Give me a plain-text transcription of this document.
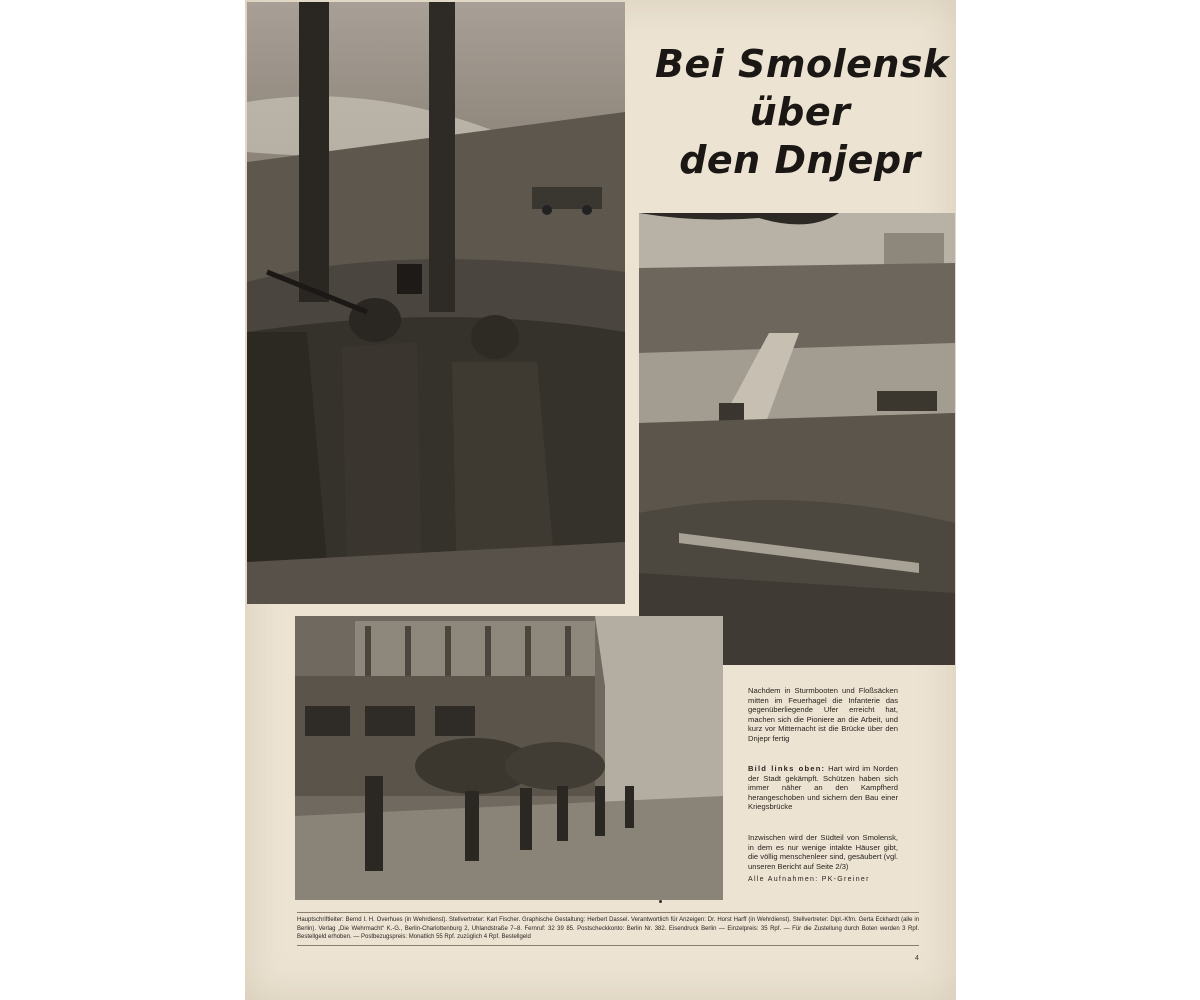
Bei Smolensk
über
den Dnjepr
Nachdem in Sturmbooten und Floßsäcken mitten im Feuerhagel die Infanterie das gegenüberliegende Ufer erreicht hat, machen sich die Pioniere an die Arbeit, und kurz vor Mitternacht ist die Brücke über den Dnjepr fertig
Bild links oben: Hart wird im Norden der Stadt gekämpft. Schützen haben sich immer näher an den Kampfherd herangeschoben und sichern den Bau einer Kriegsbrücke
Inzwischen wird der Südteil von Smolensk, in dem es nur wenige intakte Häuser gibt, die völlig menschenleer sind, gesäubert (vgl. unseren Bericht auf Seite 2/3)
Alle Aufnahmen: PK-Greiner
Hauptschriftleiter: Bernd I. H. Overhues (in Wehrdienst). Stellvertreter: Karl Fischer. Graphische Gestaltung: Herbert Dassel. Verantwortlich für Anzeigen: Dr. Horst Harff (in Wehrdienst). Stellvertreter: Dipl.-Kfm. Gerta Eckhardt (alle in Berlin). Verlag „Die Wehrmacht“ K.-G., Berlin-Charlottenburg 2, Uhlandstraße 7–8. Fernruf: 32 39 85. Postscheckkonto: Berlin Nr. 382. Eisendruck Berlin — Einzelpreis: 35 Rpf. — Für die Zustellung durch Boten werden 3 Rpf. Bestellgeld erhoben. — Postbezugspreis: Monatlich 55 Rpf. zuzüglich 4 Rpf. Bestellgeld
4
